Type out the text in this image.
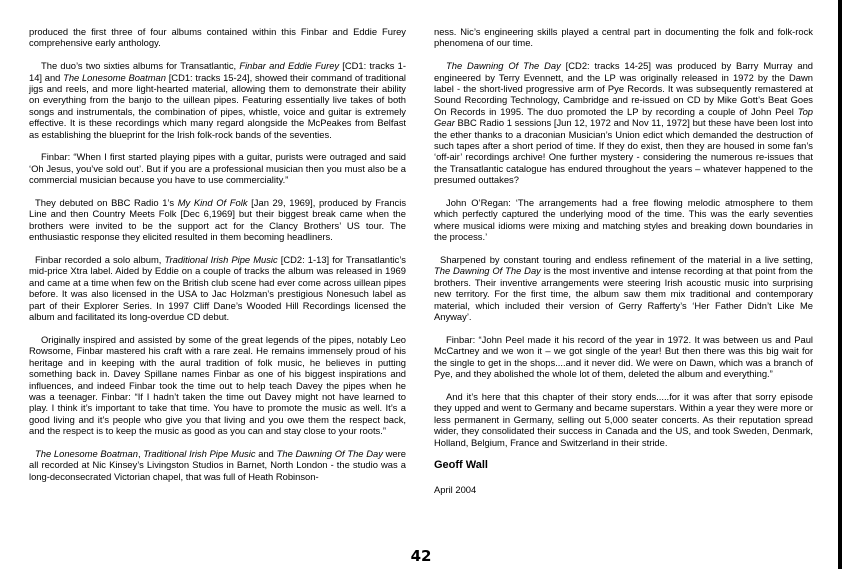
produced the first three of four albums contained within this Finbar and Eddie Furey comprehensive early anthology.

The duo’s two sixties albums for Transatlantic, Finbar and Eddie Furey [CD1: tracks 1-14] and The Lonesome Boatman [CD1: tracks 15-24], showed their command of traditional jigs and reels, and more light-hearted material, allowing them to demonstrate their ability on everything from the banjo to the uillean pipes. Featuring essentially live takes of both songs and instrumentals, the combination of pipes, whistle, voice and guitar is extremely effective. It is these recordings which many regard alongside the McPeakes from Belfast as establishing the blueprint for the Irish folk-rock bands of the seventies.

Finbar: “When I first started playing pipes with a guitar, purists were outraged and said ‘Oh Jesus, you’ve sold out’. But if you are a professional musician then you must also be a commercial musician because you have to use commerciality.”

They debuted on BBC Radio 1’s My Kind Of Folk [Jan 29, 1969], produced by Francis Line and then Country Meets Folk [Dec 6,1969] but their biggest break came when the brothers were invited to be the support act for the Clancy Brothers’ US tour. The enthusiastic response they elicited resulted in them becoming headliners.

Finbar recorded a solo album, Traditional Irish Pipe Music [CD2: 1-13] for Transatlantic’s mid-price Xtra label. Aided by Eddie on a couple of tracks the album was released in 1969 and came at a time when few on the British club scene had ever come across uillean pipes before. It was also licensed in the USA to Jac Holzman’s prestigious Nonesuch label as part of their Explorer Series. In 1997 Cliff Dane’s Wooded Hill Recordings licensed the album and facilitated its long-overdue CD debut.

Originally inspired and assisted by some of the great legends of the pipes, notably Leo Rowsome, Finbar mastered his craft with a rare zeal. He remains immensely proud of his heritage and in keeping with the aural tradition of folk music, he believes in putting something back in. Davey Spillane names Finbar as one of his biggest inspirations and influences, and indeed Finbar took the time out to help teach Davey the pipes when he was a teenager. Finbar: “If I hadn’t taken the time out Davey might not have learned to play. I think it’s important to take that time. You have to promote the music as well. It’s a good living and it’s people who give you that living and you owe them the respect back, and the respect is to keep the music as good as you can and stay close to your roots.”

The Lonesome Boatman, Traditional Irish Pipe Music and The Dawning Of The Day were all recorded at Nic Kinsey’s Livingston Studios in Barnet, North London - the studio was a long-deconsecrated Victorian chapel, that was full of Heath Robinson-

ness. Nic’s engineering skills played a central part in documenting the folk and folk-rock phenomena of our time.

The Dawning Of The Day [CD2: tracks 14-25] was produced by Barry Murray and engineered by Terry Evennett, and the LP was originally released in 1972 by the Dawn label - the short-lived progressive arm of Pye Records. It was subsequently remastered at Sound Recording Technology, Cambridge and re-issued on CD by Mike Gott’s Beat Goes On Records in 1995. The duo promoted the LP by recording a couple of John Peel Top Gear BBC Radio 1 sessions [Jun 12, 1972 and Nov 11, 1972] but these have been lost into the ether thanks to a draconian Musician’s Union edict which demanded the destruction of such tapes after a short period of time. If they do exist, then they are housed in some fan’s ‘off-air’ recordings archive! One further mystery - considering the numerous re-issues that the Transatlantic catalogue has endured throughout the years – whatever happened to the presumed outtakes?

John O’Regan: ‘The arrangements had a free flowing melodic atmosphere to them which perfectly captured the underlying mood of the time. This was the early seventies where musical idioms were mixing and matching styles and breaking down boundaries in the process.’

Sharpened by constant touring and endless refinement of the material in a live setting, The Dawning Of The Day is the most inventive and intense recording at that point from the brothers. Their inventive arrangements were steering Irish acoustic music into surprising new territory. For the first time, the album saw them mix traditional and contemporary material, which included their version of Gerry Rafferty’s ‘Her Father Didn’t Like Me Anyway’.

Finbar: “John Peel made it his record of the year in 1972. It was between us and Paul McCartney and we won it – we got single of the year! But then there was this big wait for the single to get in the shops....and it never did. We were on Dawn, which was a branch of Pye, and they abolished the whole lot of them, deleted the album and everything.”

And it’s here that this chapter of their story ends.....for it was after that sorry episode they upped and went to Germany and became superstars. Within a year they were more or less permanent in Germany, selling out 5,000 seater concerts. As their reputation spread wider, they consolidated their success in Canada and the US, and took Sweden, Denmark, Holland, Belgium, France and Switzerland in their stride.

Geoff Wall

April 2004

42
